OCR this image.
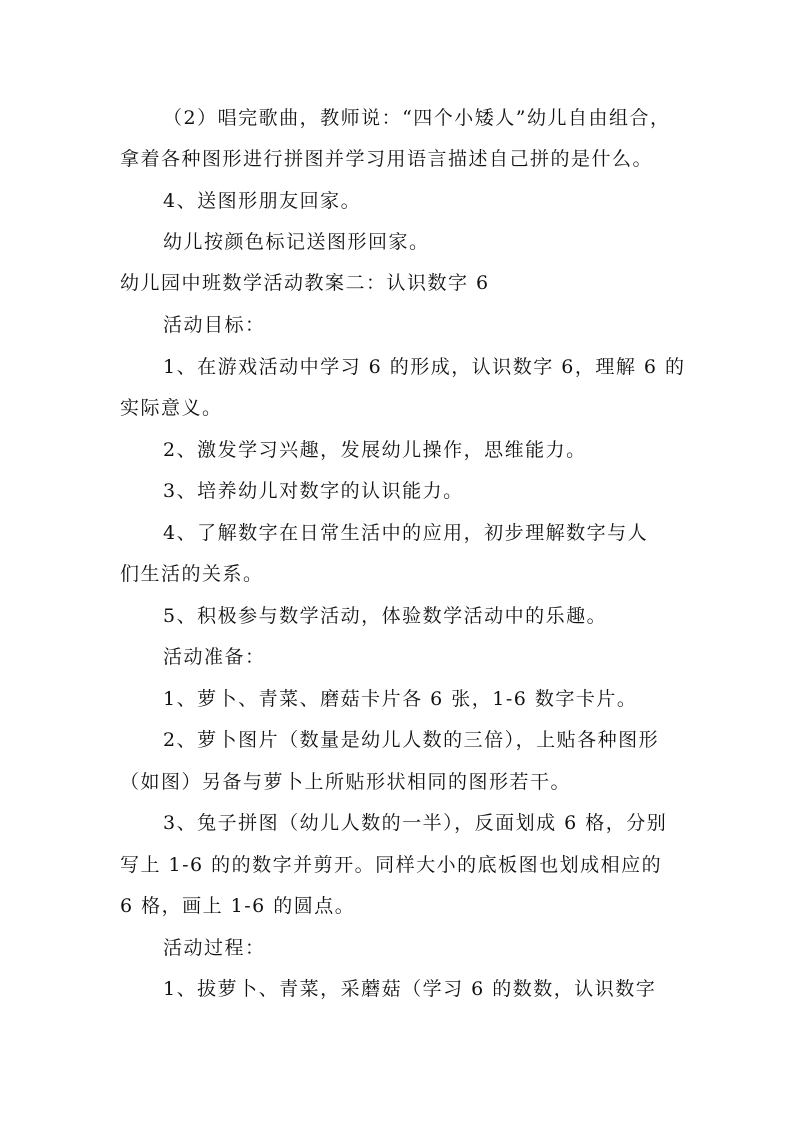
（2）唱完歌曲，教师说：“四个小矮人”幼儿自由组合，
拿着各种图形进行拼图并学习用语言描述自己拼的是什么。
4、送图形朋友回家。
幼儿按颜色标记送图形回家。
幼儿园中班数学活动教案二：认识数字 6
活动目标：
1、在游戏活动中学习 6 的形成，认识数字 6，理解 6 的
实际意义。
2、激发学习兴趣，发展幼儿操作，思维能力。
3、培养幼儿对数字的认识能力。
4、了解数字在日常生活中的应用，初步理解数字与人
们生活的关系。
5、积极参与数学活动，体验数学活动中的乐趣。
活动准备：
1、萝卜、青菜、磨菇卡片各 6 张，1-6 数字卡片。
2、萝卜图片（数量是幼儿人数的三倍），上贴各种图形
（如图）另备与萝卜上所贴形状相同的图形若干。
3、兔子拼图（幼儿人数的一半），反面划成 6 格，分别
写上 1-6 的的数字并剪开。同样大小的底板图也划成相应的
6 格，画上 1-6 的圆点。
活动过程：
1、拔萝卜、青菜，采蘑菇（学习 6 的数数，认识数字
